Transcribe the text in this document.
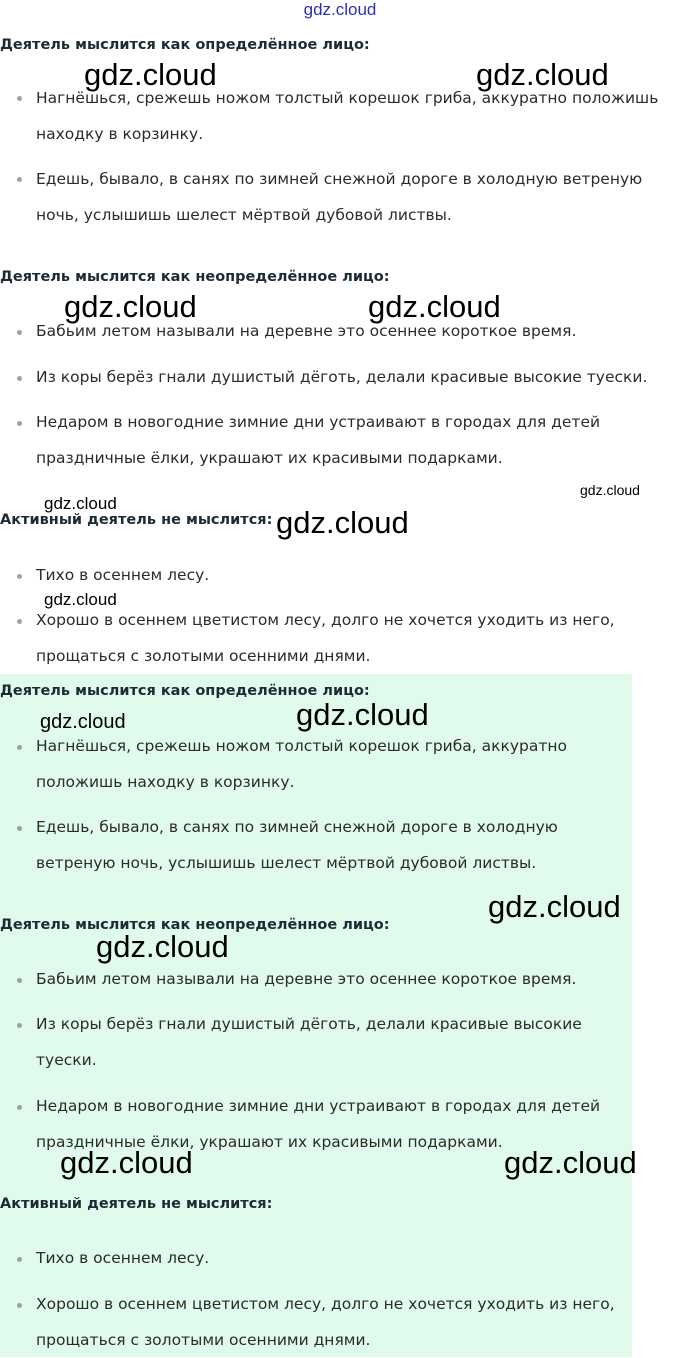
gdz.cloud
Деятель мыслится как определённое лицо:
Нагнёшься, срежешь ножом толстый корешок гриба, аккуратно положишь находку в корзинку.
Едешь, бывало, в санях по зимней снежной дороге в холодную ветреную ночь, услышишь шелест мёртвой дубовой листвы.
Деятель мыслится как неопределённое лицо:
Бабьим летом называли на деревне это осеннее короткое время.
Из коры берёз гнали душистый дёготь, делали красивые высокие туески.
Недаром в новогодние зимние дни устраивают в городах для детей праздничные ёлки, украшают их красивыми подарками.
Активный деятель не мыслится:
Тихо в осеннем лесу.
Хорошо в осеннем цветистом лесу, долго не хочется уходить из него, прощаться с золотыми осенними днями.
Деятель мыслится как определённое лицо:
Нагнёшься, срежешь ножом толстый корешок гриба, аккуратно положишь находку в корзинку.
Едешь, бывало, в санях по зимней снежной дороге в холодную ветреную ночь, услышишь шелест мёртвой дубовой листвы.
Деятель мыслится как неопределённое лицо:
Бабьим летом называли на деревне это осеннее короткое время.
Из коры берёз гнали душистый дёготь, делали красивые высокие туески.
Недаром в новогодние зимние дни устраивают в городах для детей праздничные ёлки, украшают их красивыми подарками.
Активный деятель не мыслится:
Тихо в осеннем лесу.
Хорошо в осеннем цветистом лесу, долго не хочется уходить из него, прощаться с золотыми осенними днями.
gdz.cloud	gdz.cloud
gdz.cloud	gdz.cloud
gdz.cloud
gdz.cloud
gdz.cloud
gdz.cloud
gdz.cloud	gdz.cloud
gdz.cloud
gdz.cloud
gdz.cloud	gdz.cloud
